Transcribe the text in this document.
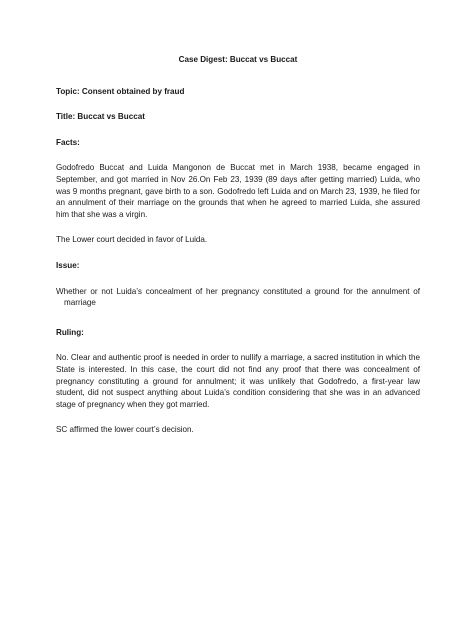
Case Digest: Buccat vs Buccat
Topic: Consent obtained by fraud
Title: Buccat vs Buccat
Facts:
Godofredo Buccat and Luida Mangonon de Buccat met in March 1938, became engaged in September, and got married in Nov 26.On Feb 23, 1939 (89 days after getting married) Luida, who was 9 months pregnant, gave birth to a son. Godofredo left Luida and on March 23, 1939, he filed for an annulment of their marriage on the grounds that when he agreed to married Luida, she assured him that she was a virgin.
The Lower court decided in favor of Luida.
Issue:
Whether or not Luida’s concealment of her pregnancy constituted a ground for the annulment of marriage
Ruling:
No. Clear and authentic proof is needed in order to nullify a marriage, a sacred institution in which the State is interested. In this case, the court did not find any proof that there was concealment of pregnancy constituting a ground for annulment; it was unlikely that Godofredo, a first-year law student, did not suspect anything about Luida’s condition considering that she was in an advanced stage of pregnancy when they got married.
SC affirmed the lower court’s decision.
